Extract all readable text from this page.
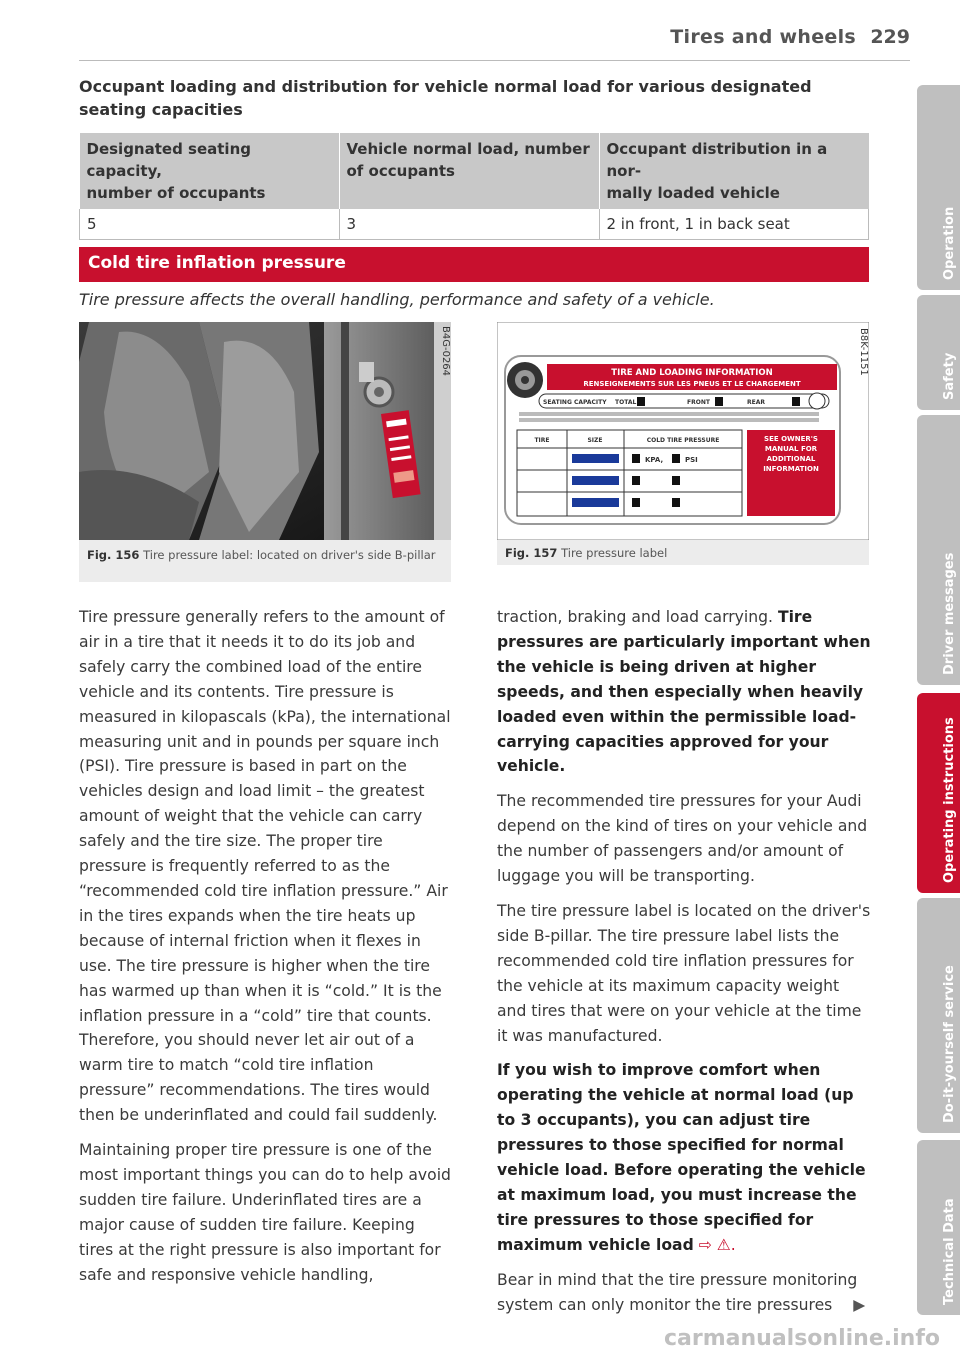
Tires and wheels 229
Occupant loading and distribution for vehicle normal load for various designated seating capacities
Designated seating capacity,
number of occupants	Vehicle normal load, number
of occupants	Occupant distribution in a nor-
mally loaded vehicle
5	3	2 in front, 1 in back seat
Cold tire inflation pressure
Tire pressure affects the overall handling, performance and safety of a vehicle.
B4G-0264
Fig. 156 Tire pressure label: located on driver's side B-pillar
TIRE AND LOADING INFORMATION
RENSEIGNEMENTS SUR LES PNEUS ET LE CHARGEMENT
SEATING CAPACITY TOTAL	FRONT	REAR
TIRE	SIZE	COLD TIRE PRESSURE
KPA,	PSI
SEE OWNER'S MANUAL FOR ADDITIONAL INFORMATION
B8K-1151
Fig. 157 Tire pressure label

Tire pressure generally refers to the amount of air in a tire that it needs it to do its job and safely carry the combined load of the entire vehicle and its contents. Tire pressure is measured in kilopascals (kPa), the international measuring unit and in pounds per square inch (PSI). Tire pressure is based in part on the vehicles design and load limit – the greatest amount of weight that the vehicle can carry safely and the tire size. The proper tire pressure is frequently referred to as the “recommended cold tire inflation pressure.” Air in the tires expands when the tire heats up because of internal friction when it flexes in use. The tire pressure is higher when the tire has warmed up than when it is “cold.” It is the inflation pressure in a “cold” tire that counts. Therefore, you should never let air out of a warm tire to match “cold tire inflation pressure” recommendations. The tires would then be underinflated and could fail suddenly.

Maintaining proper tire pressure is one of the most important things you can do to help avoid sudden tire failure. Underinflated tires are a major cause of sudden tire failure. Keeping tires at the right pressure is also important for safe and responsive vehicle handling,

traction, braking and load carrying. Tire pressures are particularly important when the vehicle is being driven at higher speeds, and then especially when heavily loaded even within the permissible load-carrying capacities approved for your vehicle.

The recommended tire pressures for your Audi depend on the kind of tires on your vehicle and the number of passengers and/or amount of luggage you will be transporting.

The tire pressure label is located on the driver's side B-pillar. The tire pressure label lists the recommended cold tire inflation pressures for the vehicle at its maximum capacity weight and tires that were on your vehicle at the time it was manufactured.

If you wish to improve comfort when operating the vehicle at normal load (up to 3 occupants), you can adjust tire pressures to those specified for normal vehicle load. Before operating the vehicle at maximum load, you must increase the tire pressures to those specified for maximum vehicle load ⇨ ⚠.

Bear in mind that the tire pressure monitoring system can only monitor the tire pressures ▶

Operation
Safety
Driver messages
Operating instructions
Do-it-yourself service
Technical Data
carmanualsonline.info
